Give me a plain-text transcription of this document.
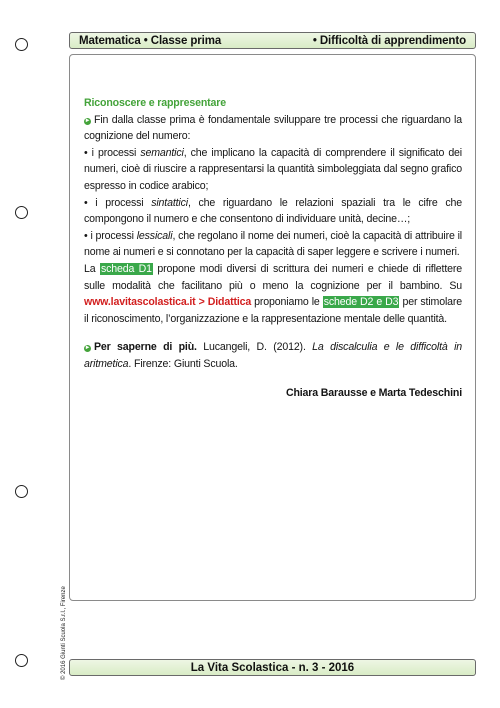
Matematica • Classe prima	• Difficoltà di apprendimento

Riconoscere e rappresentare

► Fin dalla classe prima è fondamentale sviluppare tre processi che riguardano la cognizione del numero:

• i processi semantici, che implicano la capacità di comprendere il significato dei numeri, cioè di riuscire a rappresentarsi la quantità simboleggiata dal segno grafico espresso in codice arabico;

• i processi sintattici, che riguardano le relazioni spaziali tra le cifre che compongono il numero e che consentono di individuare unità, decine…;

• i processi lessicali, che regolano il nome dei numeri, cioè la capacità di attribuire il nome ai numeri e si connotano per la capacità di saper leggere e scrivere i numeri.

La scheda D1 propone modi diversi di scrittura dei numeri e chiede di riflettere sulle modalità che facilitano più o meno la cognizione per il bambino. Su www.lavitascolastica.it > Didattica proponiamo le schede D2 e D3 per stimolare il riconoscimento, l’organizzazione e la rappresentazione mentale delle quantità.

► Per saperne di più. Lucangeli, D. (2012). La discalculia e le difficoltà in aritmetica. Firenze: Giunti Scuola.

Chiara Barausse e Marta Tedeschini

© 2016 Giunti Scuola S.r.l., Firenze	La Vita Scolastica - n. 3 - 2016
